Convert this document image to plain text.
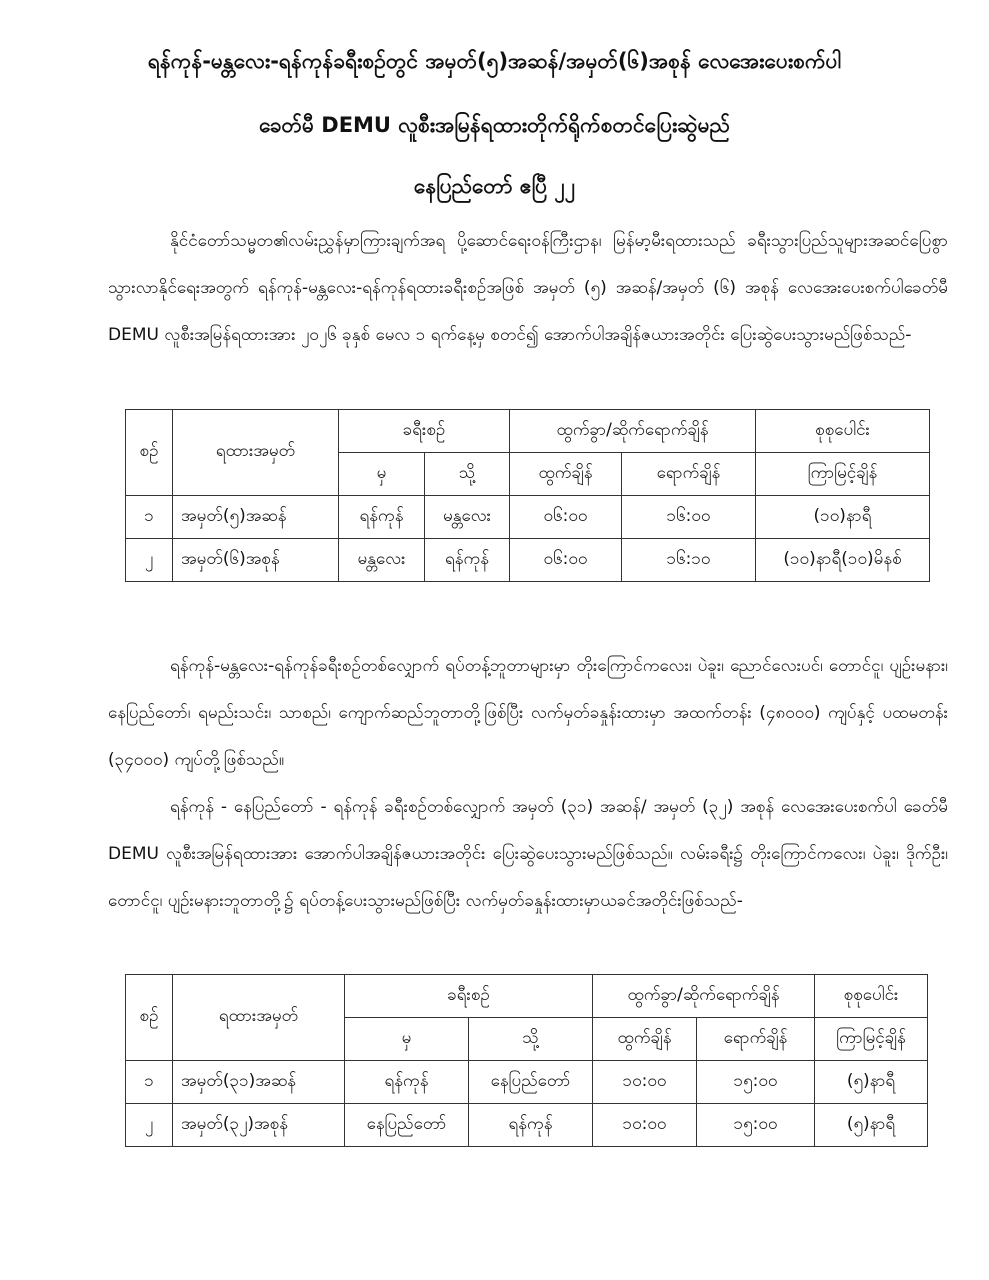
ရန်ကုန်-မန္တလေး-ရန်ကုန်ခရီးစဉ်တွင် အမှတ်(၅)အဆန်/အမှတ်(၆)အစုန် လေအေးပေးစက်ပါ
ခေတ်မီ DEMU လူစီးအမြန်ရထားတိုက်ရိုက်စတင်ပြေးဆွဲမည်
နေပြည်တော် ဧပြီ ၂၂

နိုင်ငံတော်သမ္မတ၏လမ်းညွှန်မှာကြားချက်အရ ပို့ဆောင်ရေးဝန်ကြီးဌာန၊ မြန်မာ့မီးရထားသည် ခရီးသွားပြည်သူများအဆင်ပြေစွာသွားလာနိုင်ရေးအတွက် ရန်ကုန်-မန္တလေး-ရန်ကုန်ရထားခရီးစဉ်အဖြစ် အမှတ် (၅) အဆန်/အမှတ် (၆) အစုန် လေအေးပေးစက်ပါခေတ်မီ DEMU လူစီးအမြန်ရထားအား ၂၀၂၆ ခုနှစ် မေလ ၁ ရက်နေ့မှ စတင်၍ အောက်ပါအချိန်ဇယားအတိုင်း ပြေးဆွဲပေးသွားမည်ဖြစ်သည်-

စဉ်	ရထားအမှတ်	ခရီးစဉ်		ထွက်ခွာ/ဆိုက်ရောက်ချိန်		စုစုပေါင်း
		မှ	သို့	ထွက်ချိန်	ရောက်ချိန်	ကြာမြင့်ချိန်
၁	အမှတ်(၅)အဆန်	ရန်ကုန်	မန္တလေး	၀၆:၀၀	၁၆:၀၀	(၁၀)နာရီ
၂	အမှတ်(၆)အစုန်	မန္တလေး	ရန်ကုန်	၀၆:၀၀	၁၆:၁၀	(၁၀)နာရီ(၁၀)မိနစ်

ရန်ကုန်-မန္တလေး-ရန်ကုန်ခရီးစဉ်တစ်လျှောက် ရပ်တန့်ဘူတာများမှာ တိုးကြောင်ကလေး၊ ပဲခူး၊ ညောင်လေးပင်၊ တောင်ငူ၊ ပျဉ်းမနား၊ နေပြည်တော်၊ ရမည်းသင်း၊ သာစည်၊ ကျောက်ဆည်ဘူတာတို့ဖြစ်ပြီး လက်မှတ်ခနှုန်းထားမှာ အထက်တန်း (၄၈၀၀၀) ကျပ်နှင့် ပထမတန်း (၃၄၀၀၀) ကျပ်တို့ဖြစ်သည်။

ရန်ကုန် - နေပြည်တော် - ရန်ကုန် ခရီးစဉ်တစ်လျှောက် အမှတ် (၃၁) အဆန်/ အမှတ် (၃၂) အစုန် လေအေးပေးစက်ပါ ခေတ်မီ DEMU လူစီးအမြန်ရထားအား အောက်ပါအချိန်ဇယားအတိုင်း ပြေးဆွဲပေးသွားမည်ဖြစ်သည်။ လမ်းခရီး၌ တိုးကြောင်ကလေး၊ ပဲခူး၊ ဒိုက်ဦး၊ တောင်ငူ၊ ပျဉ်းမနားဘူတာတို့၌ ရပ်တန့်ပေးသွားမည်ဖြစ်ပြီး လက်မှတ်ခနှုန်းထားမှာယခင်အတိုင်းဖြစ်သည်-

စဉ်	ရထားအမှတ်	ခရီးစဉ်		ထွက်ခွာ/ဆိုက်ရောက်ချိန်		စုစုပေါင်း
		မှ	သို့	ထွက်ချိန်	ရောက်ချိန်	ကြာမြင့်ချိန်
၁	အမှတ်(၃၁)အဆန်	ရန်ကုန်	နေပြည်တော်	၁၀:၀၀	၁၅:၀၀	(၅)နာရီ
၂	အမှတ်(၃၂)အစုန်	နေပြည်တော်	ရန်ကုန်	၁၀:၀၀	၁၅:၀၀	(၅)နာရီ
